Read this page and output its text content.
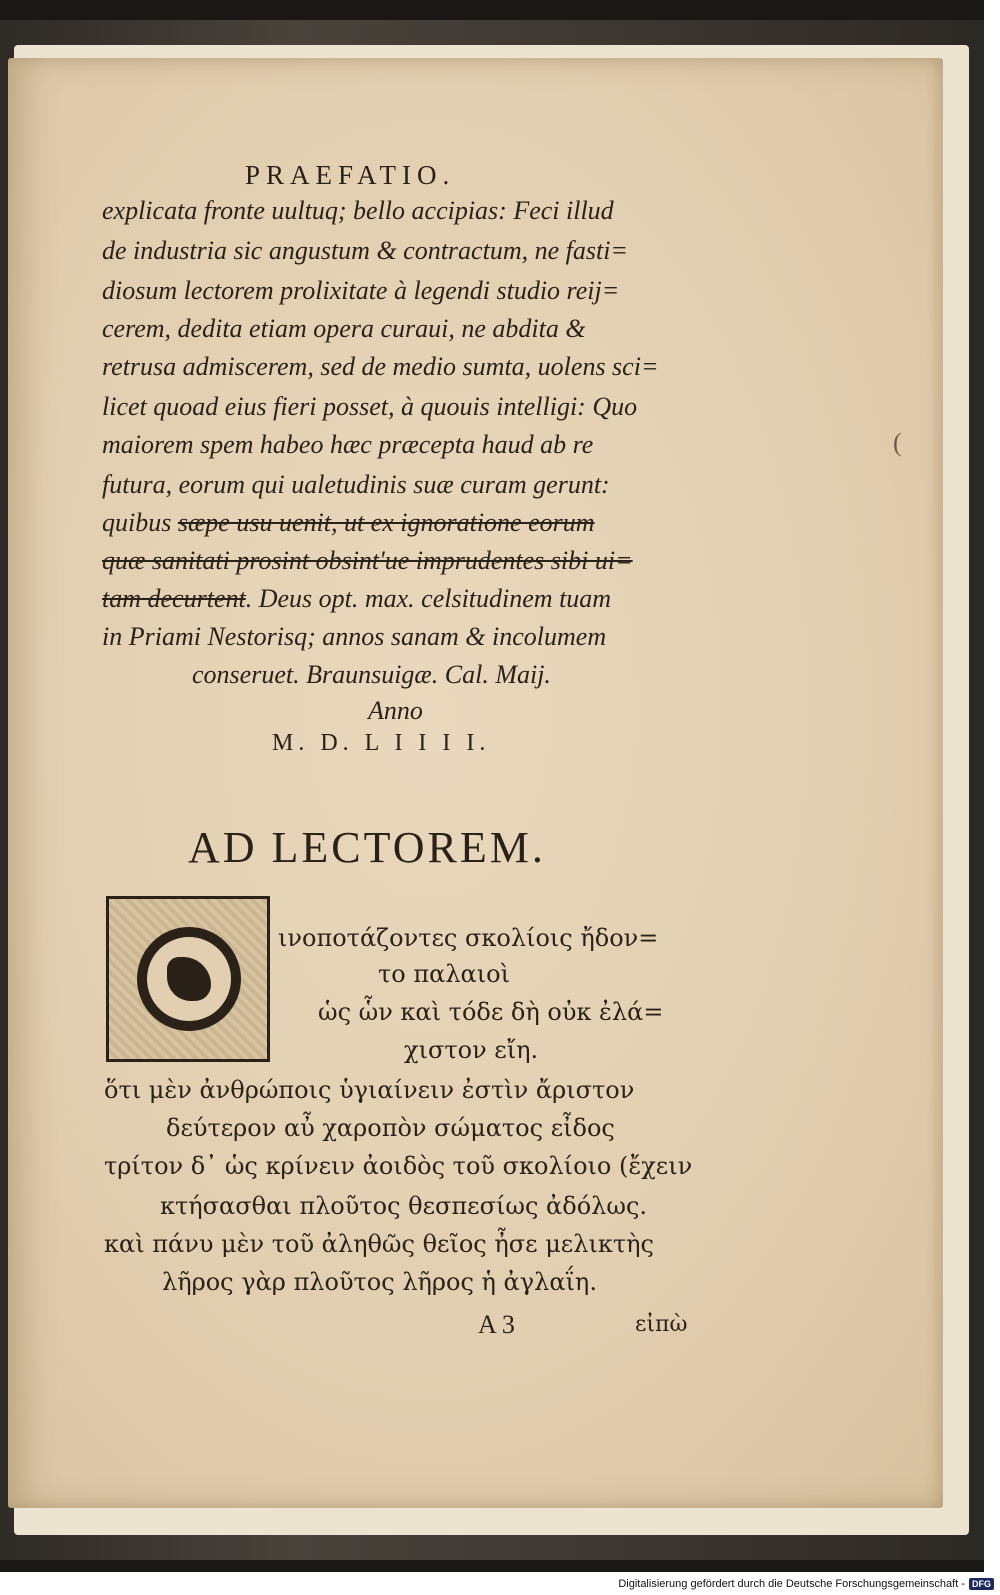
PRAEFATIO.
explicata fronte uultuq; bello accipias: Feci illud
de industria sic angustum & contractum, ne fasti=
diosum lectorem prolixitate à legendi studio reij=
cerem, dedita etiam opera curaui, ne abdita &
retrusa admiscerem, sed de medio sumta, uolens sci=
licet quoad eius fieri posset, à quouis intelligi: Quo
maiorem spem habeo hæc præcepta haud ab re
futura, eorum qui ualetudinis suæ curam gerunt:
quibus sæpe usu uenit, ut ex ignoratione eorum
quæ sanitati prosint obsint'ue imprudentes sibi ui=
tam decurtent. Deus opt. max. celsitudinem tuam
in Priami Nestorisq; annos sanam & incolumem
conseruet. Braunsuigæ. Cal. Maij.
Anno
M. D. L I I I I.
AD LECTOREM.
ινοποτάζοντες σκολίοις ἤδον=
το παλαιοὶ
ὡς ὧν καὶ τόδε δὴ οὐκ ἐλά=
χιστον εἴη.
ὅτι μὲν ἀνθρώποις ὑγιαίνειν ἐστὶν ἄριστον
δεύτερον αὖ χαροπὸν σώματος εἶδος
τρίτον δ᾽ ὡς κρίνειν ἀοιδὸς τοῦ σκολίοιο (ἔχειν
κτήσασθαι πλοῦτος θεσπεσίως ἀδόλως.
καὶ πάνυ μὲν τοῦ ἀληθῶς θεῖος ἦσε μελικτὴς
λῆρος γὰρ πλοῦτος λῆρος ἡ ἀγλαΐη.
A 3	εἰπὼ
(
Digitalisierung gefördert durch die Deutsche Forschungsgemeinschaft - DFG
